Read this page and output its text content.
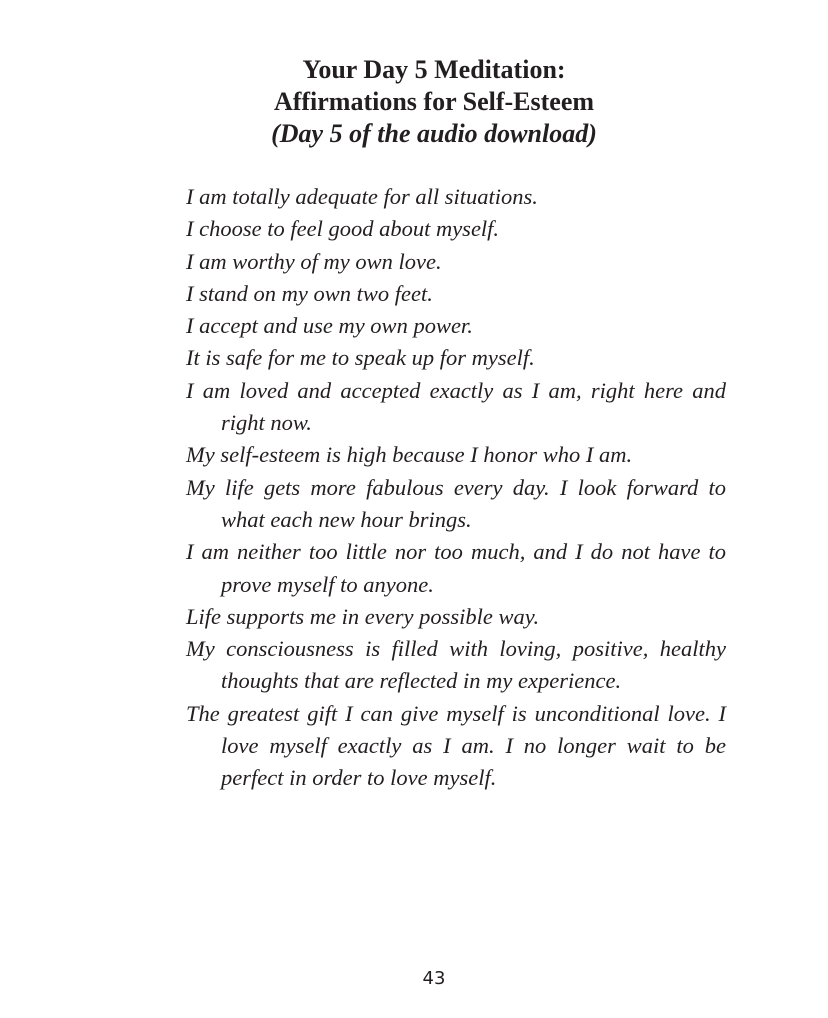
Your Day 5 Meditation:
Affirmations for Self-Esteem
(Day 5 of the audio download)
I am totally adequate for all situations.
I choose to feel good about myself.
I am worthy of my own love.
I stand on my own two feet.
I accept and use my own power.
It is safe for me to speak up for myself.
I am loved and accepted exactly as I am, right here and right now.
My self-esteem is high because I honor who I am.
My life gets more fabulous every day. I look forward to what each new hour brings.
I am neither too little nor too much, and I do not have to prove myself to anyone.
Life supports me in every possible way.
My consciousness is filled with loving, positive, healthy thoughts that are reflected in my experience.
The greatest gift I can give myself is unconditional love. I love myself exactly as I am. I no longer wait to be perfect in order to love myself.
43
